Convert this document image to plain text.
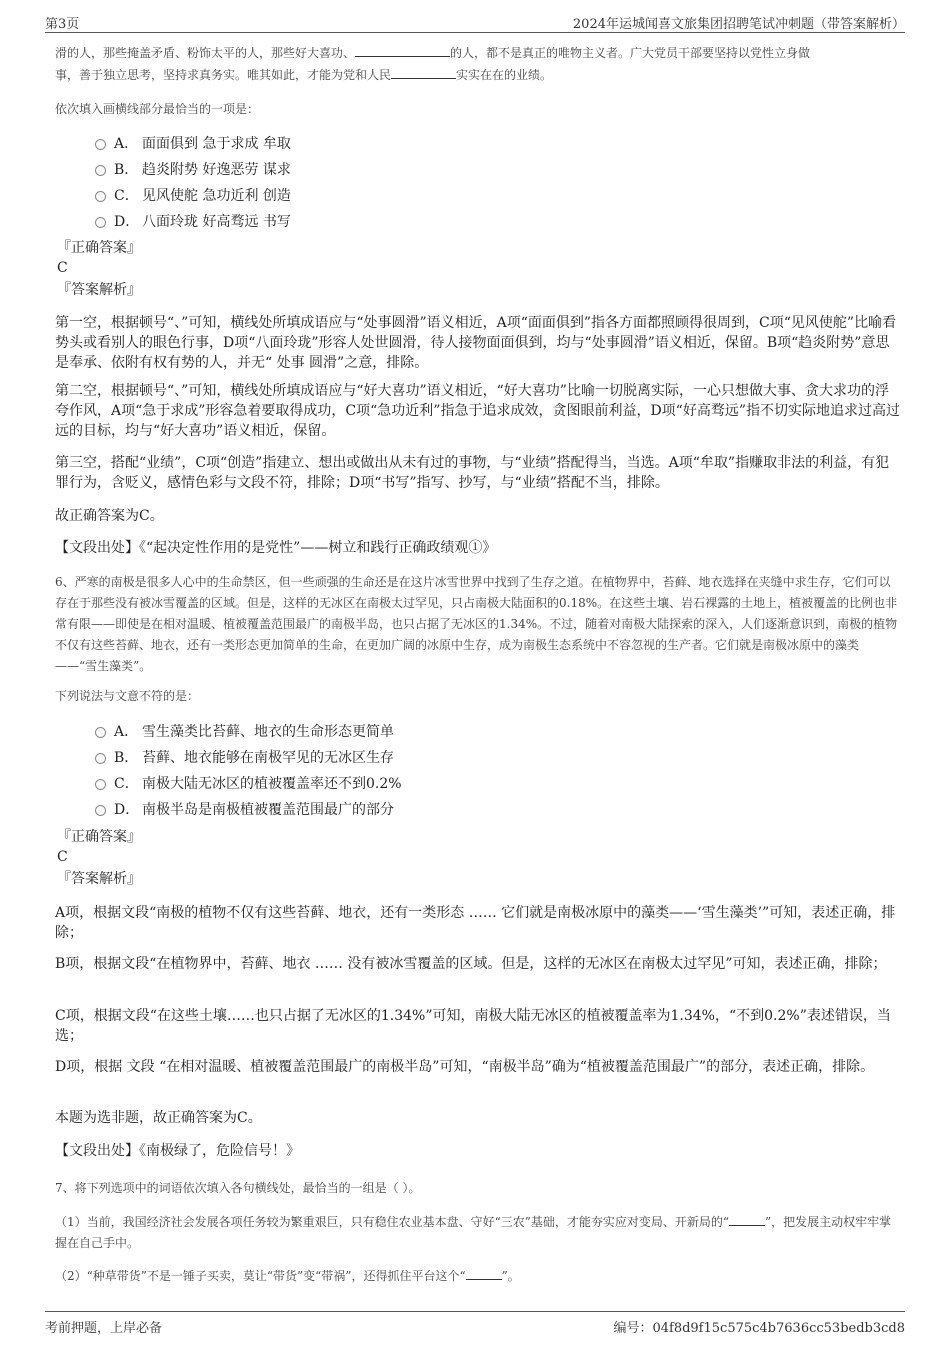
第3页	2024年运城闻喜文旅集团招聘笔试冲刺题（带答案解析）
滑的人，那些掩盖矛盾、粉饰太平的人，那些好大喜功、	的人，都不是真正的唯物主义者。广大党员干部要坚持以党性立身做
事，善于独立思考，坚持求真务实。唯其如此，才能为党和人民	实实在在的业绩。
依次填入画横线部分最恰当的一项是：
A． 面面俱到 急于求成 牟取
B． 趋炎附势 好逸恶劳 谋求
C． 见风使舵 急功近利 创造
D． 八面玲珑 好高骛远 书写
『正确答案』
C
『答案解析』
第一空，根据顿号“、”可知，横线处所填成语应与“处事圆滑”语义相近，A项“面面俱到”指各方面都照顾得很周到，C项“见风使舵”比喻看势头或看别人的眼色行事，D项“八面玲珑”形容人处世圆滑，待人接物面面俱到，均与“处事圆滑”语义相近，保留。B项“趋炎附势”意思是奉承、依附有权有势的人，并无“ 处事 圆滑”之意，排除。
第二空，根据顿号“、”可知，横线处所填成语应与“好大喜功”语义相近，“好大喜功”比喻一切脱离实际，一心只想做大事、贪大求功的浮夸作风，A项“急于求成”形容急着要取得成功，C项“急功近利”指急于追求成效，贪图眼前利益，D项“好高骛远”指不切实际地追求过高过远的目标，均与“好大喜功”语义相近，保留。
第三空，搭配“业绩”，C项“创造”指建立、想出或做出从未有过的事物，与“业绩”搭配得当，当选。A项“牟取”指赚取非法的利益，有犯罪行为，含贬义，感情色彩与文段不符，排除；D项“书写”指写、抄写，与“业绩”搭配不当，排除。
故正确答案为C。
【文段出处】《“起决定性作用的是党性”——树立和践行正确政绩观①》
6、严寒的南极是很多人心中的生命禁区，但一些顽强的生命还是在这片冰雪世界中找到了生存之道。在植物界中，苔藓、地衣选择在夹缝中求生存，它们可以存在于那些没有被冰雪覆盖的区域。但是，这样的无冰区在南极太过罕见，只占南极大陆面积的0.18%。在这些土壤、岩石裸露的土地上，植被覆盖的比例也非常有限——即使是在相对温暖、植被覆盖范围最广的南极半岛，也只占据了无冰区的1.34%。不过，随着对南极大陆探索的深入，人们逐渐意识到，南极的植物不仅有这些苔藓、地衣，还有一类形态更加简单的生命，在更加广阔的冰原中生存，成为南极生态系统中不容忽视的生产者。它们就是南极冰原中的藻类——“雪生藻类”。
下列说法与文意不符的是：
A． 雪生藻类比苔藓、地衣的生命形态更简单
B． 苔藓、地衣能够在南极罕见的无冰区生存
C． 南极大陆无冰区的植被覆盖率还不到0.2%
D． 南极半岛是南极植被覆盖范围最广的部分
『正确答案』
C
『答案解析』
A项，根据文段“南极的植物不仅有这些苔藓、地衣，还有一类形态 …… 它们就是南极冰原中的藻类——‘雪生藻类’”可知，表述正确，排除；
B项，根据文段“在植物界中，苔藓、地衣 …… 没有被冰雪覆盖的区域。但是，这样的无冰区在南极太过罕见”可知，表述正确，排除；
C项，根据文段“在这些土壤……也只占据了无冰区的1.34%”可知，南极大陆无冰区的植被覆盖率为1.34%，“不到0.2%”表述错误，当选；
D项，根据 文段 “在相对温暖、植被覆盖范围最广的南极半岛”可知，“南极半岛”确为“植被覆盖范围最广”的部分，表述正确，排除。
本题为选非题，故正确答案为C。
【文段出处】《南极绿了，危险信号！》
7、将下列选项中的词语依次填入各句横线处，最恰当的一组是（ ）。
（1）当前，我国经济社会发展各项任务较为繁重艰巨，只有稳住农业基本盘、守好“三农”基础，才能夯实应对变局、开新局的“	”，把发展主动权牢牢掌握在自己手中。
（2）“种草带货”不是一锤子买卖，莫让“带货”变“带祸”，还得抓住平台这个“	”。
考前押题，上岸必备	编号：04f8d9f15c575c4b7636cc53bedb3cd8
